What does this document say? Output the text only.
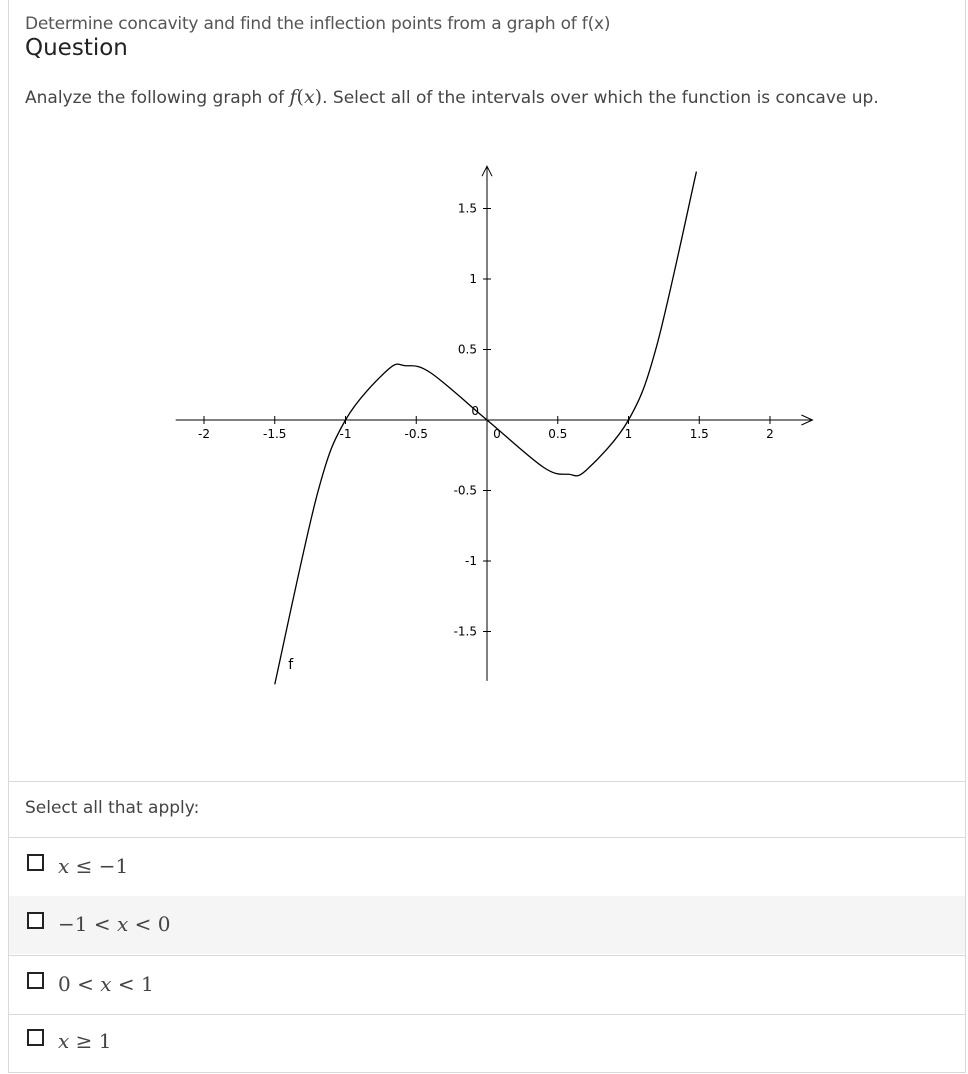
Determine concavity and find the inflection points from a graph of f(x)
Question
Analyze the following graph of f(x). Select all of the intervals over which the function is concave up.
-2	-1.5	-1	-0.5	0.5	1	1.5	2
1.5
1
0.5
-0.5
-1
-1.5
0
0
f
Select all that apply:
x ≤ −1
−1 < x < 0
0 < x < 1
x ≥ 1
